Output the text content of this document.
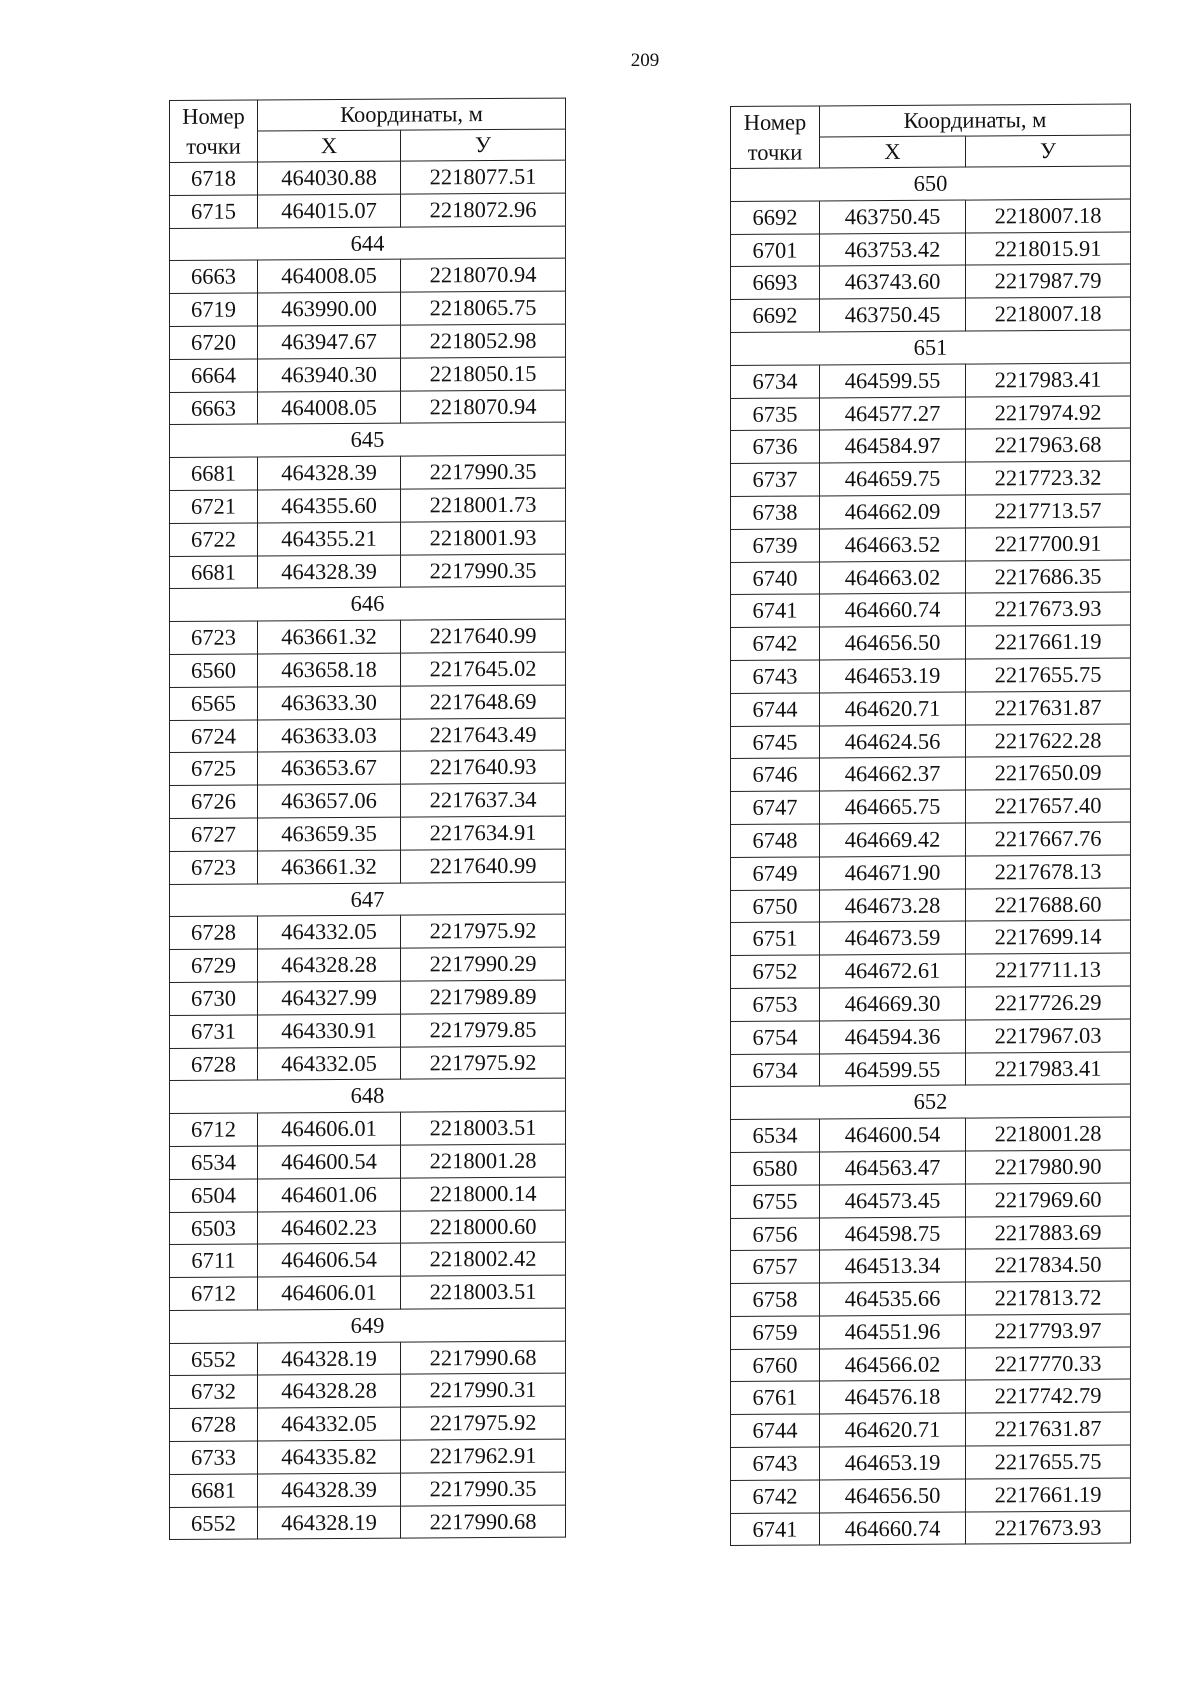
209
Номер
точки	Координаты, м	
	Х	У
6718	464030.88	2218077.51
6715	464015.07	2218072.96
644		
6663	464008.05	2218070.94
6719	463990.00	2218065.75
6720	463947.67	2218052.98
6664	463940.30	2218050.15
6663	464008.05	2218070.94
645		
6681	464328.39	2217990.35
6721	464355.60	2218001.73
6722	464355.21	2218001.93
6681	464328.39	2217990.35
646		
6723	463661.32	2217640.99
6560	463658.18	2217645.02
6565	463633.30	2217648.69
6724	463633.03	2217643.49
6725	463653.67	2217640.93
6726	463657.06	2217637.34
6727	463659.35	2217634.91
6723	463661.32	2217640.99
647		
6728	464332.05	2217975.92
6729	464328.28	2217990.29
6730	464327.99	2217989.89
6731	464330.91	2217979.85
6728	464332.05	2217975.92
648		
6712	464606.01	2218003.51
6534	464600.54	2218001.28
6504	464601.06	2218000.14
6503	464602.23	2218000.60
6711	464606.54	2218002.42
6712	464606.01	2218003.51
649		
6552	464328.19	2217990.68
6732	464328.28	2217990.31
6728	464332.05	2217975.92
6733	464335.82	2217962.91
6681	464328.39	2217990.35
6552	464328.19	2217990.68
Номер
точки	Координаты, м	
	Х	У
650		
6692	463750.45	2218007.18
6701	463753.42	2218015.91
6693	463743.60	2217987.79
6692	463750.45	2218007.18
651		
6734	464599.55	2217983.41
6735	464577.27	2217974.92
6736	464584.97	2217963.68
6737	464659.75	2217723.32
6738	464662.09	2217713.57
6739	464663.52	2217700.91
6740	464663.02	2217686.35
6741	464660.74	2217673.93
6742	464656.50	2217661.19
6743	464653.19	2217655.75
6744	464620.71	2217631.87
6745	464624.56	2217622.28
6746	464662.37	2217650.09
6747	464665.75	2217657.40
6748	464669.42	2217667.76
6749	464671.90	2217678.13
6750	464673.28	2217688.60
6751	464673.59	2217699.14
6752	464672.61	2217711.13
6753	464669.30	2217726.29
6754	464594.36	2217967.03
6734	464599.55	2217983.41
652		
6534	464600.54	2218001.28
6580	464563.47	2217980.90
6755	464573.45	2217969.60
6756	464598.75	2217883.69
6757	464513.34	2217834.50
6758	464535.66	2217813.72
6759	464551.96	2217793.97
6760	464566.02	2217770.33
6761	464576.18	2217742.79
6744	464620.71	2217631.87
6743	464653.19	2217655.75
6742	464656.50	2217661.19
6741	464660.74	2217673.93
